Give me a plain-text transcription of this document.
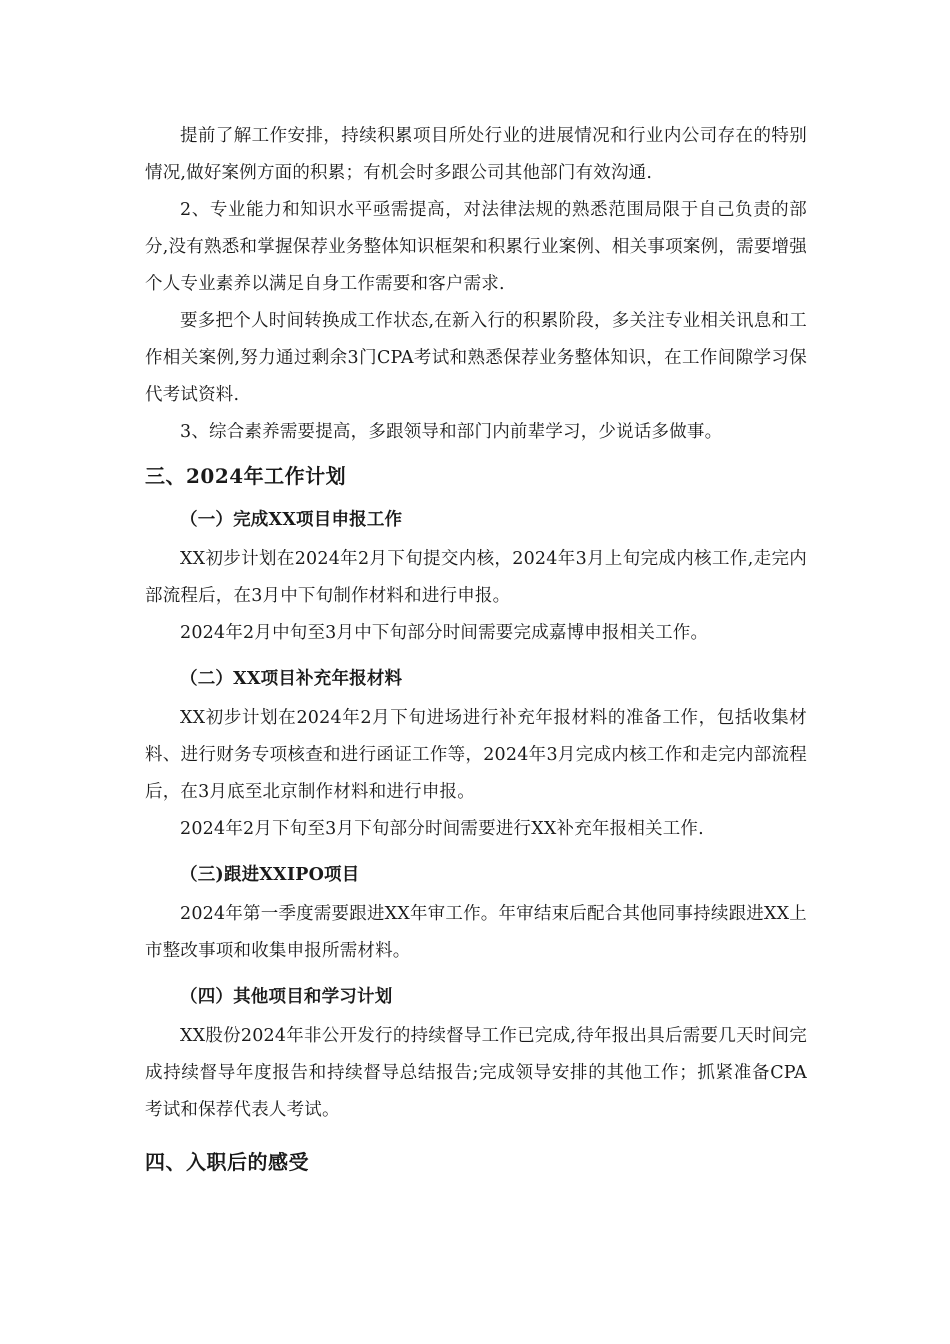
提前了解工作安排，持续积累项目所处行业的进展情况和行业内公司存在的特别情况,做好案例方面的积累；有机会时多跟公司其他部门有效沟通.

2、专业能力和知识水平亟需提高，对法律法规的熟悉范围局限于自己负责的部分,没有熟悉和掌握保荐业务整体知识框架和积累行业案例、相关事项案例，需要增强个人专业素养以满足自身工作需要和客户需求.

要多把个人时间转换成工作状态,在新入行的积累阶段，多关注专业相关讯息和工作相关案例,努力通过剩余3门CPA考试和熟悉保荐业务整体知识，在工作间隙学习保代考试资料.

3、综合素养需要提高，多跟领导和部门内前辈学习，少说话多做事。

三、2024年工作计划
（一）完成XX项目申报工作

XX初步计划在2024年2月下旬提交内核，2024年3月上旬完成内核工作,走完内部流程后，在3月中下旬制作材料和进行申报。

2024年2月中旬至3月中下旬部分时间需要完成嘉博申报相关工作。

（二）XX项目补充年报材料

XX初步计划在2024年2月下旬进场进行补充年报材料的准备工作，包括收集材料、进行财务专项核查和进行函证工作等，2024年3月完成内核工作和走完内部流程后，在3月底至北京制作材料和进行申报。

2024年2月下旬至3月下旬部分时间需要进行XX补充年报相关工作.

（三)跟进XXIPO项目

2024年第一季度需要跟进XX年审工作。年审结束后配合其他同事持续跟进XX上市整改事项和收集申报所需材料。

（四）其他项目和学习计划

XX股份2024年非公开发行的持续督导工作已完成,待年报出具后需要几天时间完成持续督导年度报告和持续督导总结报告;完成领导安排的其他工作；抓紧准备CPA考试和保荐代表人考试。

四、入职后的感受
